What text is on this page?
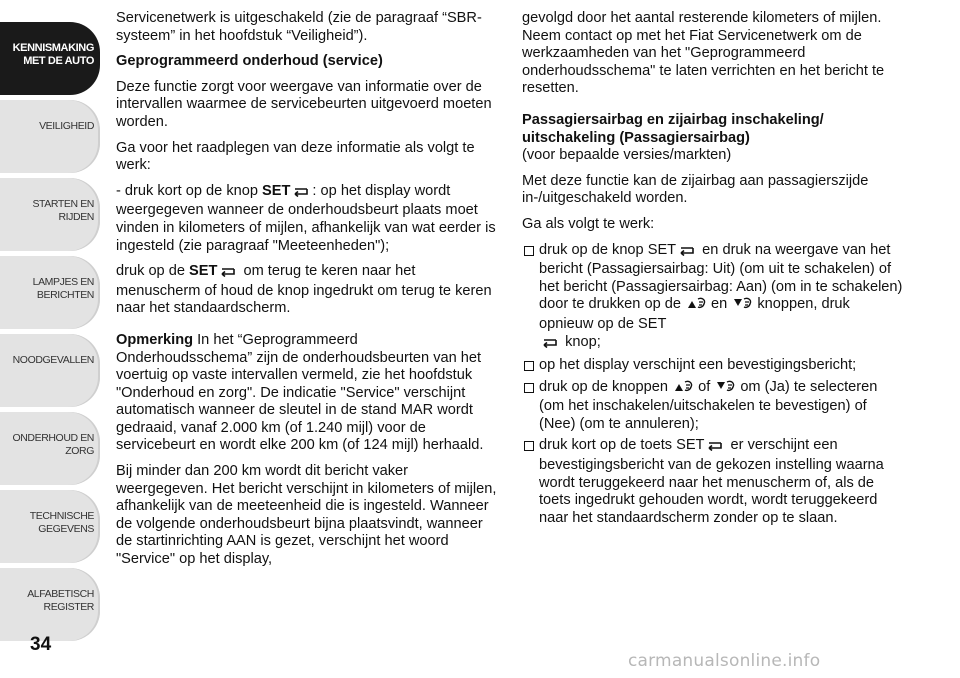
KENNISMAKING
MET DE AUTO
VEILIGHEID
STARTEN EN RIJDEN
LAMPJES EN
BERICHTEN
NOODGEVALLEN
ONDERHOUD EN
ZORG
TECHNISCHE
GEGEVENS
ALFABETISCH
REGISTER
34

Servicenetwerk is uitgeschakeld (zie de paragraaf “SBR-systeem” in het hoofdstuk “Veiligheid”).

Geprogrammeerd onderhoud (service)

Deze functie zorgt voor weergave van informatie over de intervallen waarmee de servicebeurten uitgevoerd moeten worden.

Ga voor het raadplegen van deze informatie als volgt te werk:

- druk kort op de knop SET : op het display wordt weergegeven wanneer de onderhoudsbeurt plaats moet vinden in kilometers of mijlen, afhankelijk van wat eerder is ingesteld (zie paragraaf "Meeteenheden");

druk op de SET om terug te keren naar het menuscherm of houd de knop ingedrukt om terug te keren naar het standaardscherm.

Opmerking In het “Geprogrammeerd Onderhoudsschema” zijn de onderhoudsbeurten van het voertuig op vaste intervallen vermeld, zie het hoofdstuk "Onderhoud en zorg". De indicatie "Service" verschijnt automatisch wanneer de sleutel in de stand MAR wordt gedraaid, vanaf 2.000 km (of 1.240 mijl) voor de servicebeurt en wordt elke 200 km (of 124 mijl) herhaald.

Bij minder dan 200 km wordt dit bericht vaker weergegeven. Het bericht verschijnt in kilometers of mijlen, afhankelijk van de meeteenheid die is ingesteld. Wanneer de volgende onderhoudsbeurt bijna plaatsvindt, wanneer de startinrichting AAN is gezet, verschijnt het woord "Service" op het display,

gevolgd door het aantal resterende kilometers of mijlen. Neem contact op met het Fiat Servicenetwerk om de werkzaamheden van het "Geprogrammeerd onderhoudsschema" te laten verrichten en het bericht te resetten.

Passagiersairbag en zijairbag inschakeling/ uitschakeling (Passagiersairbag)
(voor bepaalde versies/markten)

Met deze functie kan de zijairbag aan passagierszijde in-/uitgeschakeld worden.

Ga als volgt te werk:

druk op de knop SET en druk na weergave van het bericht (Passagiersairbag: Uit) (om uit te schakelen) of het bericht (Passagiersairbag: Aan) (om in te schakelen) door te drukken op de en knoppen, druk opnieuw op de SET
knop;
op het display verschijnt een bevestigingsbericht;
druk op de knoppen of om (Ja) te selecteren (om het inschakelen/uitschakelen te bevestigen) of (Nee) (om te annuleren);
druk kort op de toets SET er verschijnt een bevestigingsbericht van de gekozen instelling waarna wordt teruggekeerd naar het menuscherm of, als de toets ingedrukt gehouden wordt, wordt teruggekeerd naar het standaardscherm zonder op te slaan.
carmanualsonline.info
